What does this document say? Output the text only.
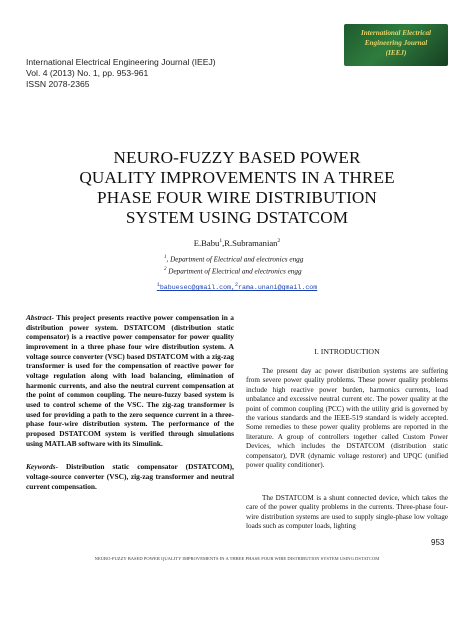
International Electrical
Engineering Journal
(IEEJ)
International Electrical Engineering Journal (IEEJ)
Vol. 4 (2013) No. 1, pp. 953-961
ISSN 2078-2365
NEURO-FUZZY BASED POWER
QUALITY IMPROVEMENTS IN A THREE
PHASE FOUR WIRE DISTRIBUTION
SYSTEM USING DSTATCOM
E.Babu$^1$,R.Subramanian$^2$
$^1$, Department of Electrical and electronics engg
$^2$ Department of Electrical and electronics engg
$^1$babuesec@gmail.com,$^2$rama.unani@gmail.com

Abstract- This project presents reactive power compensation in a distribution power system. DSTATCOM (distribution static compensator) is a reactive power compensator for power quality improvement in a three phase four wire distribution system. A voltage source converter (VSC) based DSTATCOM with a zig-zag transformer is used for the compensation of reactive power for voltage regulation along with load balancing, elimination of harmonic currents, and also the neutral current compensation at the point of common coupling. The neuro-fuzzy based system is used to control scheme of the VSC. The zig-zag transformer is used for providing a path to the zero sequence current in a three-phase four-wire distribution system. The performance of the proposed DSTATCOM system is verified through simulations using MATLAB software with its Simulink.

Keywords- Distribution static compensator (DSTATCOM), voltage-source converter (VSC), zig-zag transformer and neutral current compensation.

I. INTRODUCTION

The present day ac power distribution systems are suffering from severe power quality problems. These power quality problems include high reactive power burden, harmonics currents, load unbalance and excessive neutral current etc. The power quality at the point of common coupling (PCC) with the utility grid is governed by the various standards and the IEEE-519 standard is widely accepted. Some remedies to these power quality problems are reported in the literature. A group of controllers together called Custom Power Devices, which includes the DSTATCOM (distribution static compensator), DVR (dynamic voltage restorer) and UPQC (unified power quality conditioner).

The DSTATCOM is a shunt connected device, which takes the care of the power quality problems in the currents. Three-phase four-wire distribution systems are used to supply single-phase low voltage loads such as computer loads, lighting

953
NEURO-FUZZY BASED POWER QUALITY IMPROVEMENTS IN A THREE PHASE FOUR WIRE DISTRIBUTION SYSTEM USING DSTATCOM
